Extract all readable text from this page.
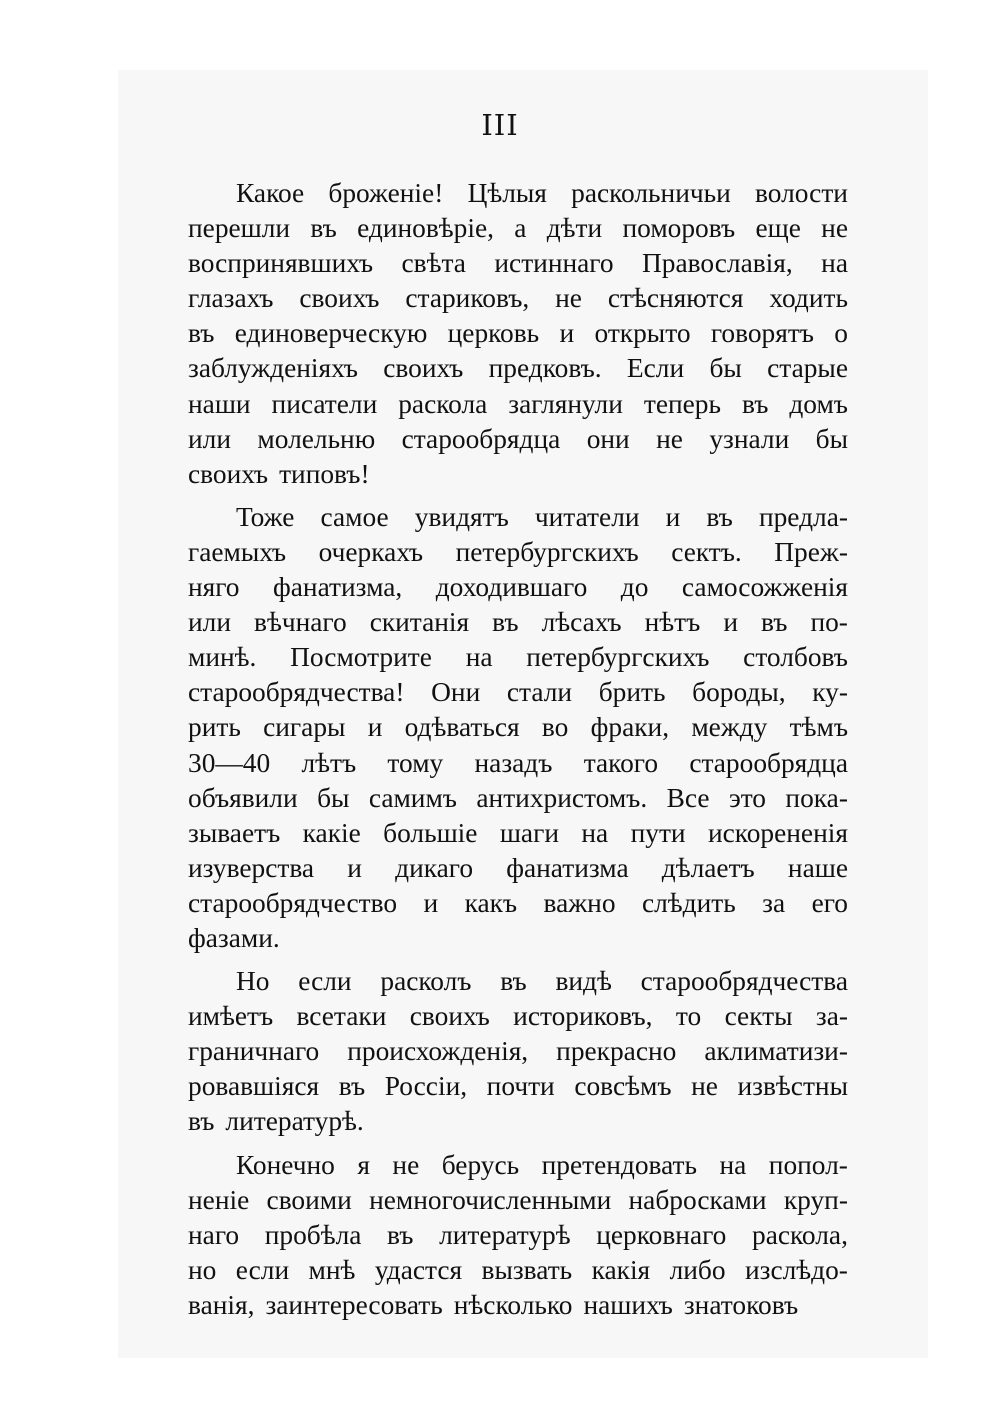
III
Какое броженіе! Цѣлыя раскольничьи волости
перешли въ единовѣріе, а дѣти поморовъ еще не
воспринявшихъ свѣта истиннаго Православія, на
глазахъ своихъ стариковъ, не стѣсняются ходить
въ единоверческую церковь и открыто говорятъ о
заблужденіяхъ своихъ предковъ. Если бы старые
наши писатели раскола заглянули теперь въ домъ
или молельню старообрядца они не узнали бы
своихъ типовъ!
Тоже самое увидятъ читатели и въ предла-
гаемыхъ очеркахъ петербургскихъ сектъ. Преж-
няго фанатизма, доходившаго до самосожженія
или вѣчнаго скитанія въ лѣсахъ нѣтъ и въ по-
минѣ. Посмотрите на петербургскихъ столбовъ
старообрядчества! Они стали брить бороды, ку-
рить сигары и одѣваться во фраки, между тѣмъ
30—40 лѣтъ тому назадъ такого старообрядца
объявили бы самимъ антихристомъ. Все это пока-
зываетъ какіе большіе шаги на пути искорененія
изуверства и дикаго фанатизма дѣлаетъ наше
старообрядчество и какъ важно слѣдить за его
фазами.
Но если расколъ въ видѣ старообрядчества
имѣетъ всетаки своихъ историковъ, то секты за-
граничнаго происхожденія, прекрасно аклиматизи-
ровавшіяся въ Россіи, почти совсѣмъ не извѣстны
въ литературѣ.
Конечно я не берусь претендовать на попол-
неніе своими немногочисленными набросками круп-
наго пробѣла въ литературѣ церковнаго раскола,
но если мнѣ удастся вызвать какія либо изслѣдо-
ванія, заинтересовать нѣсколько нашихъ знатоковъ
